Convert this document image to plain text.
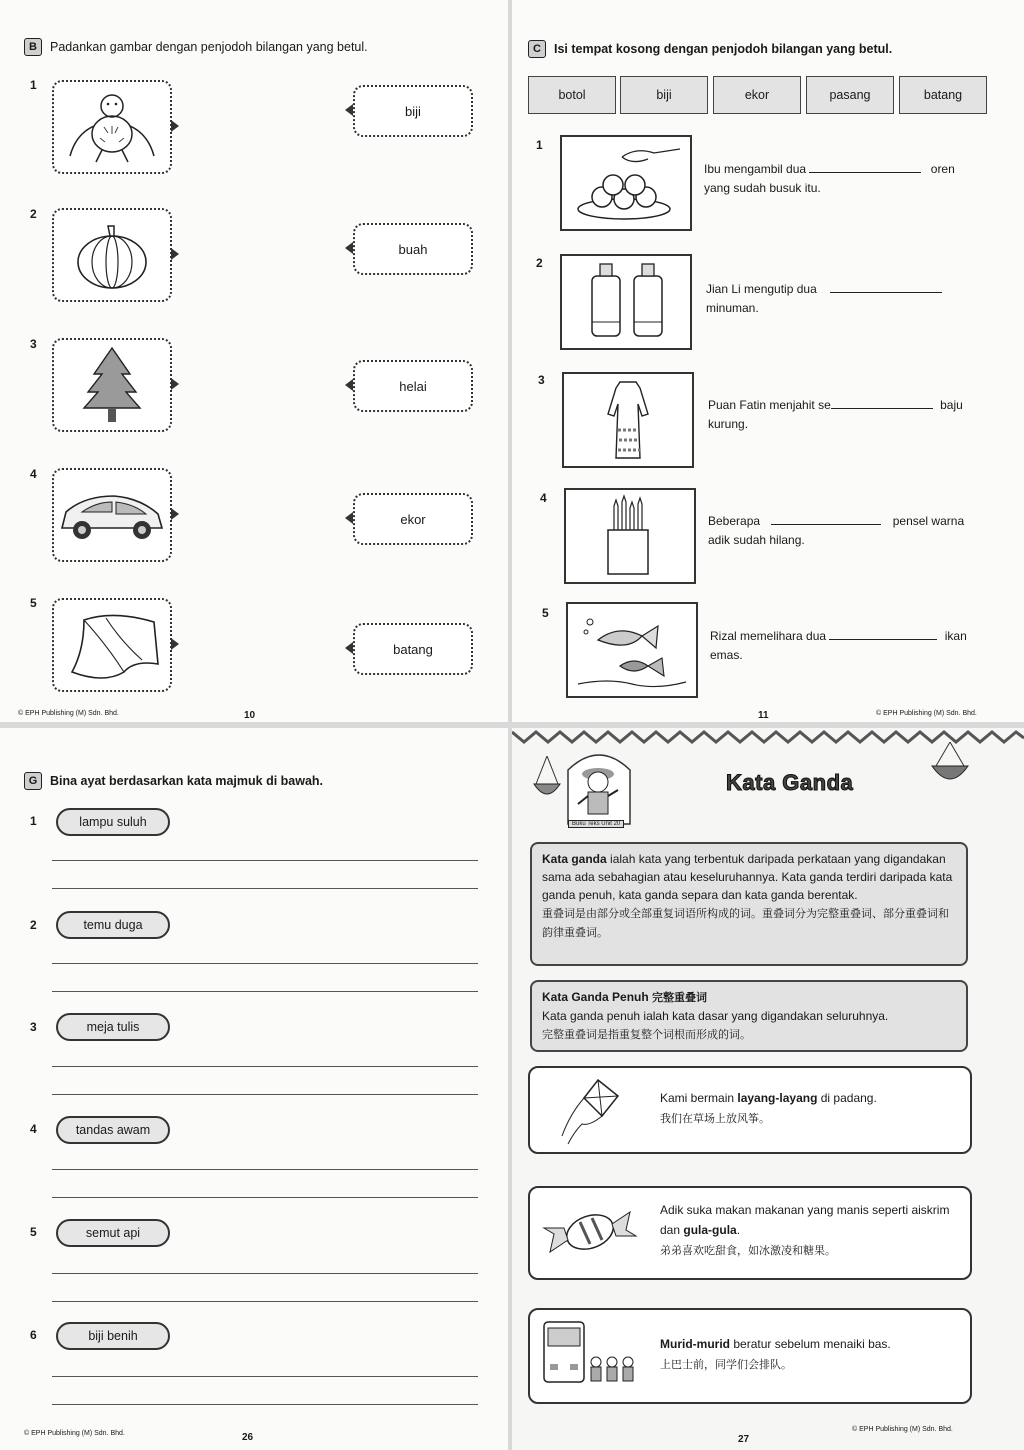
B	Padankan gambar dengan penjodoh bilangan yang betul.
1
biji
2
buah
3
helai
4
ekor
5
batang
© EPH Publishing (M) Sdn. Bhd.	10
C	Isi tempat kosong dengan penjodoh bilangan yang betul.
botol	biji	ekor	pasang	batang
1
Ibu mengambil dua	oren
yang sudah busuk itu.
2
Jian Li mengutip dua
minuman.
3
Puan Fatin menjahit se	baju
kurung.
4
Beberapa	pensel warna
adik sudah hilang.
5
Rizal memelihara dua	ikan
emas.
11	© EPH Publishing (M) Sdn. Bhd.
G	Bina ayat berdasarkan kata majmuk di bawah.
1	lampu suluh
2	temu duga
3	meja tulis
4	tandas awam
5	semut api
6	biji benih
© EPH Publishing (M) Sdn. Bhd.	26
Buku Teks Unit 20
Kata Ganda
Kata ganda ialah kata yang terbentuk daripada perkataan yang digandakan sama ada sebahagian atau keseluruhannya. Kata ganda terdiri daripada kata ganda penuh, kata ganda separa dan kata ganda berentak.
重叠词是由部分或全部重复词语所构成的词。重叠词分为完整重叠词、部分重叠词和韵律重叠词。
Kata Ganda Penuh 完整重叠词
Kata ganda penuh ialah kata dasar yang digandakan seluruhnya.
完整重叠词是指重复整个词根而形成的词。
Kami bermain layang-layang di padang.
我们在草场上放风筝。
Adik suka makan makanan yang manis seperti aiskrim dan gula-gula.
弟弟喜欢吃甜食，如冰激凌和糖果。
Murid-murid beratur sebelum menaiki bas.
上巴士前，同学们会排队。
27
© EPH Publishing (M) Sdn. Bhd.
